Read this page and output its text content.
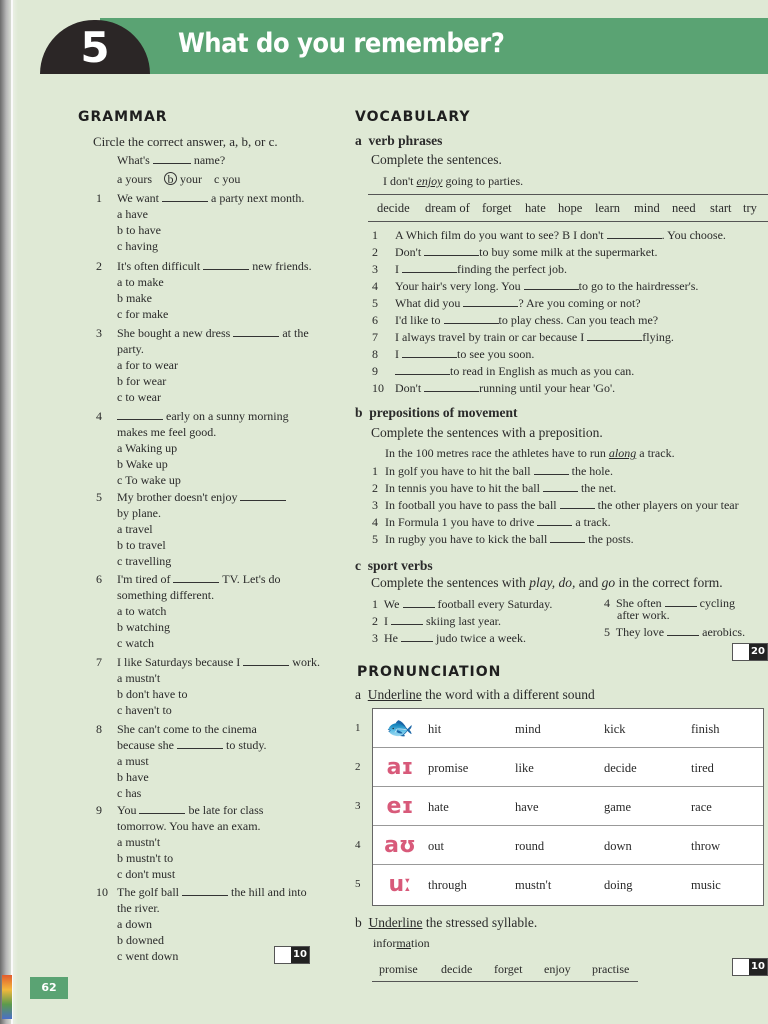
5	What do you remember?
GRAMMAR
Circle the correct answer, a, b, or c.
What's	name?
a yours b your c you
1 We want	a party next month.
a have
b to have
c having
2 It's often difficult	new friends.
a to make
b make
c for make
3 She bought a new dress	at the
party.
a for to wear
b for wear
c to wear
4	early on a sunny morning
makes me feel good.
a Waking up
b Wake up
c To wake up
5 My brother doesn't enjoy
by plane.
a travel
b to travel
c travelling
6 I'm tired of	TV. Let's do
something different.
a to watch
b watching
c watch
7 I like Saturdays because I	work.
a mustn't
b don't have to
c haven't to
8 She can't come to the cinema
because she	to study.
a must
b have
c has
9 You	be late for class
tomorrow. You have an exam.
a mustn't
b mustn't to
c don't must
10 The golf ball	the hill and into
the river.
a down
b downed
c went down	10
VOCABULARY
a verb phrases
Complete the sentences.
I don't enjoy going to parties.
decide dream of forget hate hope learn mind need start try
1 A Which film do you want to see? B I don't	. You choose.
2 Don't	to buy some milk at the supermarket.
3 I	finding the perfect job.
4 Your hair's very long. You	to go to the hairdresser's.
5 What did you	? Are you coming or not?
6 I'd like to	to play chess. Can you teach me?
7 I always travel by train or car because I	flying.
8 I	to see you soon.
9	to read in English as much as you can.
10 Don't	running until your hear 'Go'.
b prepositions of movement
Complete the sentences with a preposition.
In the 100 metres race the athletes have to run along a track.
1 In golf you have to hit the ball	the hole.
2 In tennis you have to hit the ball	the net.
3 In football you have to pass the ball	the other players on your tear
4 In Formula 1 you have to drive	a track.
5 In rugby you have to kick the ball	the posts.
c sport verbs
Complete the sentences with play, do, and go in the correct form.
1 We	football every Saturday.
2 I	skiing last year.
3 He	judo twice a week.
4 She often	cycling
after work.
5 They love	aerobics.
20
PRONUNCIATION
a Underline the word with a different sound
🐟	hit	mind	kick	finish
aɪ	promise	like	decide	tired
eɪ	hate	have	game	race
aʊ out	round	down	throw
uː	through	mustn't	doing	music
1
2
3
4
5
b Underline the stressed syllable.
information
promise decide forget enjoy practise	10
62
